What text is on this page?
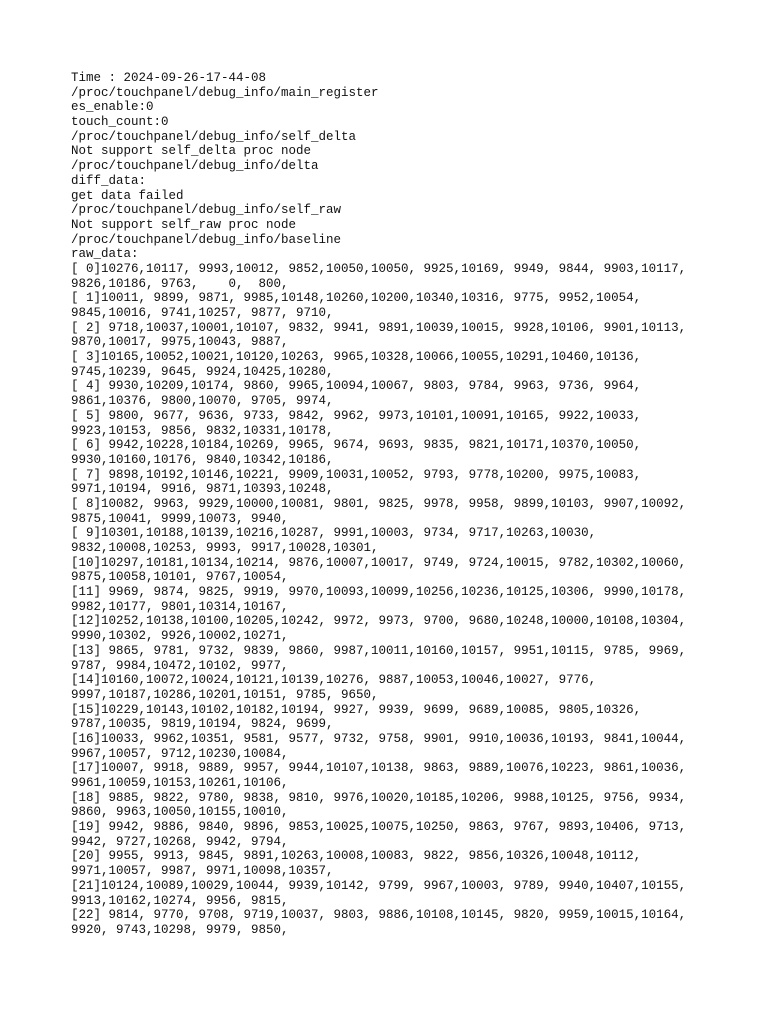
Time : 2024-09-26-17-44-08
/proc/touchpanel/debug_info/main_register
es_enable:0
touch_count:0
/proc/touchpanel/debug_info/self_delta
Not support self_delta proc node
/proc/touchpanel/debug_info/delta
diff_data:
get data failed
/proc/touchpanel/debug_info/self_raw
Not support self_raw proc node
/proc/touchpanel/debug_info/baseline
raw_data:
[ 0]10276,10117, 9993,10012, 9852,10050,10050, 9925,10169, 9949, 9844, 9903,10117,
9826,10186, 9763,    0,  800,
[ 1]10011, 9899, 9871, 9985,10148,10260,10200,10340,10316, 9775, 9952,10054,
9845,10016, 9741,10257, 9877, 9710,
[ 2] 9718,10037,10001,10107, 9832, 9941, 9891,10039,10015, 9928,10106, 9901,10113,
9870,10017, 9975,10043, 9887,
[ 3]10165,10052,10021,10120,10263, 9965,10328,10066,10055,10291,10460,10136,
9745,10239, 9645, 9924,10425,10280,
[ 4] 9930,10209,10174, 9860, 9965,10094,10067, 9803, 9784, 9963, 9736, 9964,
9861,10376, 9800,10070, 9705, 9974,
[ 5] 9800, 9677, 9636, 9733, 9842, 9962, 9973,10101,10091,10165, 9922,10033,
9923,10153, 9856, 9832,10331,10178,
[ 6] 9942,10228,10184,10269, 9965, 9674, 9693, 9835, 9821,10171,10370,10050,
9930,10160,10176, 9840,10342,10186,
[ 7] 9898,10192,10146,10221, 9909,10031,10052, 9793, 9778,10200, 9975,10083,
9971,10194, 9916, 9871,10393,10248,
[ 8]10082, 9963, 9929,10000,10081, 9801, 9825, 9978, 9958, 9899,10103, 9907,10092,
9875,10041, 9999,10073, 9940,
[ 9]10301,10188,10139,10216,10287, 9991,10003, 9734, 9717,10263,10030,
9832,10008,10253, 9993, 9917,10028,10301,
[10]10297,10181,10134,10214, 9876,10007,10017, 9749, 9724,10015, 9782,10302,10060,
9875,10058,10101, 9767,10054,
[11] 9969, 9874, 9825, 9919, 9970,10093,10099,10256,10236,10125,10306, 9990,10178,
9982,10177, 9801,10314,10167,
[12]10252,10138,10100,10205,10242, 9972, 9973, 9700, 9680,10248,10000,10108,10304,
9990,10302, 9926,10002,10271,
[13] 9865, 9781, 9732, 9839, 9860, 9987,10011,10160,10157, 9951,10115, 9785, 9969,
9787, 9984,10472,10102, 9977,
[14]10160,10072,10024,10121,10139,10276, 9887,10053,10046,10027, 9776,
9997,10187,10286,10201,10151, 9785, 9650,
[15]10229,10143,10102,10182,10194, 9927, 9939, 9699, 9689,10085, 9805,10326,
9787,10035, 9819,10194, 9824, 9699,
[16]10033, 9962,10351, 9581, 9577, 9732, 9758, 9901, 9910,10036,10193, 9841,10044,
9967,10057, 9712,10230,10084,
[17]10007, 9918, 9889, 9957, 9944,10107,10138, 9863, 9889,10076,10223, 9861,10036,
9961,10059,10153,10261,10106,
[18] 9885, 9822, 9780, 9838, 9810, 9976,10020,10185,10206, 9988,10125, 9756, 9934,
9860, 9963,10050,10155,10010,
[19] 9942, 9886, 9840, 9896, 9853,10025,10075,10250, 9863, 9767, 9893,10406, 9713,
9942, 9727,10268, 9942, 9794,
[20] 9955, 9913, 9845, 9891,10263,10008,10083, 9822, 9856,10326,10048,10112,
9971,10057, 9987, 9971,10098,10357,
[21]10124,10089,10029,10044, 9939,10142, 9799, 9967,10003, 9789, 9940,10407,10155,
9913,10162,10274, 9956, 9815,
[22] 9814, 9770, 9708, 9719,10037, 9803, 9886,10108,10145, 9820, 9959,10015,10164,
9920, 9743,10298, 9979, 9850,
